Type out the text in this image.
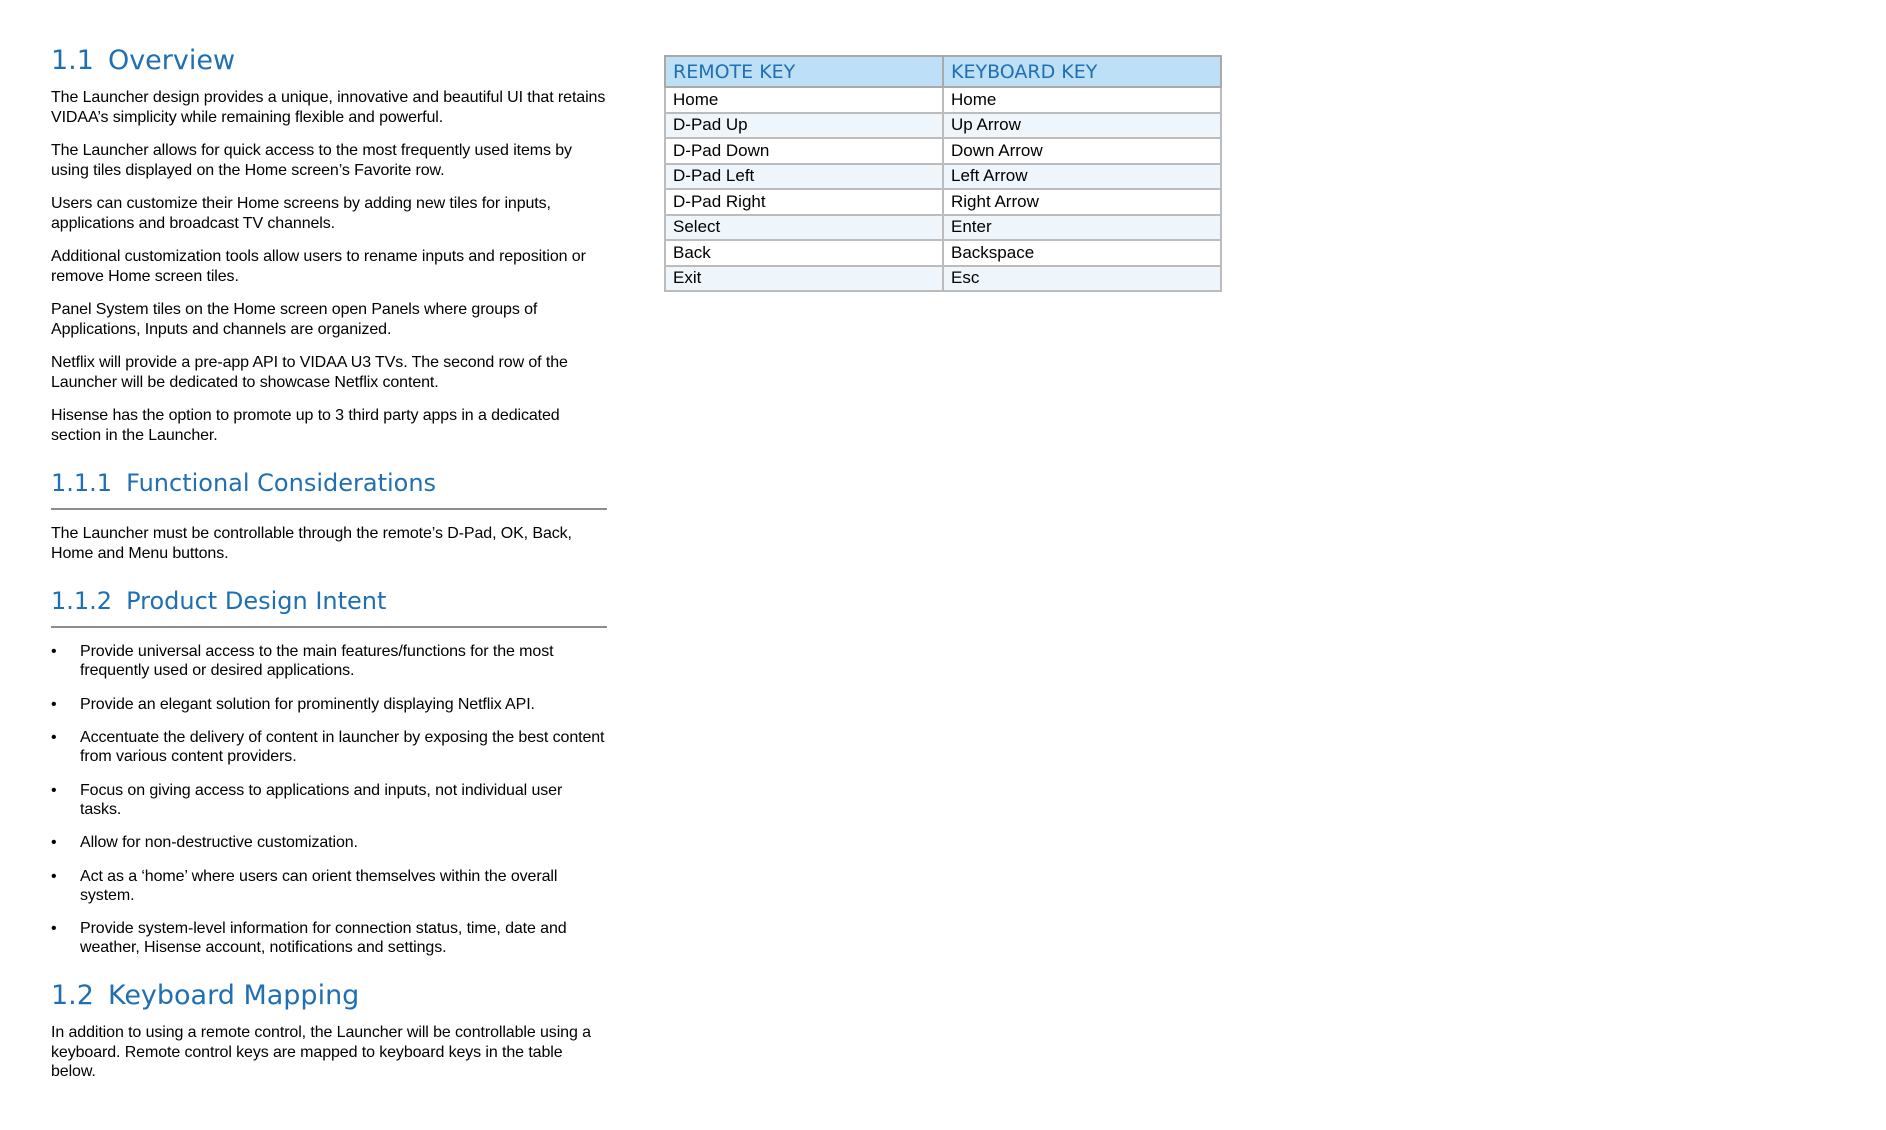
1.1 Overview

The Launcher design provides a unique, innovative and beautiful UI that retains VIDAA’s simplicity while remaining flexible and powerful.

The Launcher allows for quick access to the most frequently used items by using tiles displayed on the Home screen’s Favorite row.

Users can customize their Home screens by adding new tiles for inputs, applications and broadcast TV channels.

Additional customization tools allow users to rename inputs and reposition or remove Home screen tiles.

Panel System tiles on the Home screen open Panels where groups of Applications, Inputs and channels are organized.

Netflix will provide a pre-app API to VIDAA U3 TVs. The second row of the Launcher will be dedicated to showcase Netflix content.

Hisense has the option to promote up to 3 third party apps in a dedicated section in the Launcher.

1.1.1 Functional Considerations

The Launcher must be controllable through the remote’s D-Pad, OK, Back, Home and Menu buttons.

1.1.2 Product Design Intent
• Provide universal access to the main features/functions for the most frequently used or desired applications.
• Provide an elegant solution for prominently displaying Netflix API.
• Accentuate the delivery of content in launcher by exposing the best content from various content providers.
• Focus on giving access to applications and inputs, not individual user tasks.
• Allow for non-destructive customization.
• Act as a ‘home’ where users can orient themselves within the overall system.
• Provide system-level information for connection status, time, date and weather, Hisense account, notifications and settings.
1.2 Keyboard Mapping

In addition to using a remote control, the Launcher will be controllable using a keyboard. Remote control keys are mapped to keyboard keys in the table below.

REMOTE KEY	KEYBOARD KEY
Home	Home
D-Pad Up	Up Arrow
D-Pad Down	Down Arrow
D-Pad Left	Left Arrow
D-Pad Right	Right Arrow
Select	Enter
Back	Backspace
Exit	Esc
